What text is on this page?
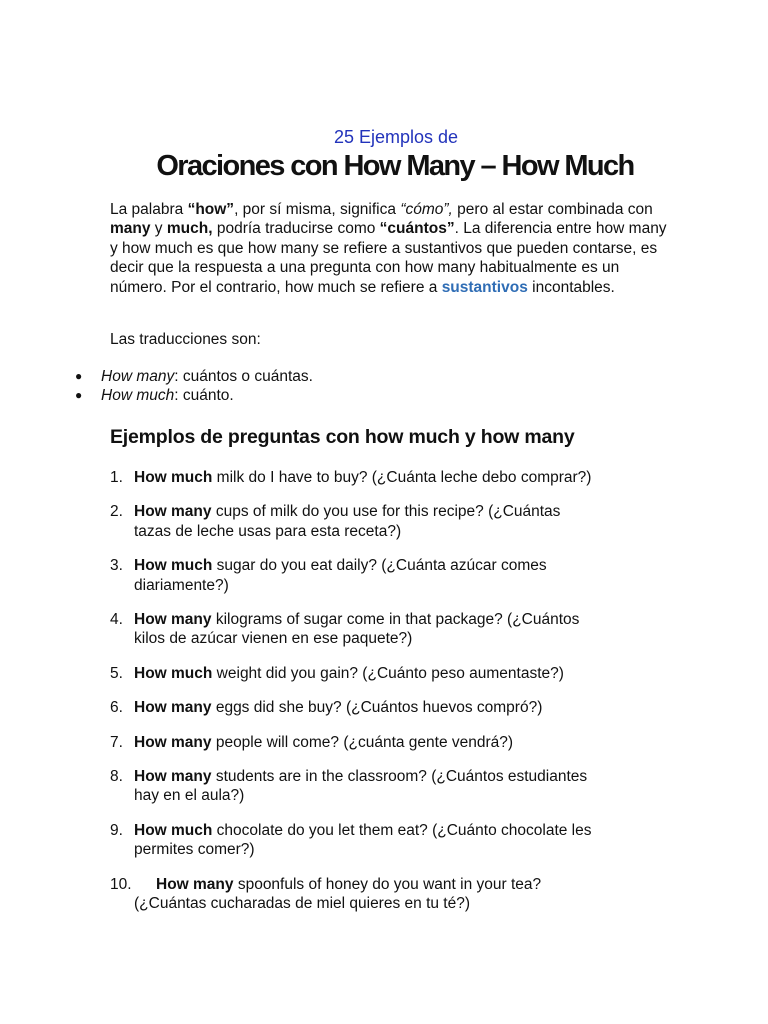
25 Ejemplos de
Oraciones con How Many – How Much
La palabra “how”, por sí misma, significa “cómo”, pero al estar combinada con many y much, podría traducirse como “cuántos”. La diferencia entre how many y how much es que how many se refiere a sustantivos que pueden contarse, es decir que la respuesta a una pregunta con how many habitualmente es un número. Por el contrario, how much se refiere a sustantivos incontables.
Las traducciones son:
● How many: cuántos o cuántas.
● How much: cuánto.
Ejemplos de preguntas con how much y how many
1. How much milk do I have to buy? (¿Cuánta leche debo comprar?)
2. How many cups of milk do you use for this recipe? (¿Cuántas
tazas de leche usas para esta receta?)
3. How much sugar do you eat daily? (¿Cuánta azúcar comes
diariamente?)
4. How many kilograms of sugar come in that package? (¿Cuántos
kilos de azúcar vienen en ese paquete?)
5. How much weight did you gain? (¿Cuánto peso aumentaste?)
6. How many eggs did she buy? (¿Cuántos huevos compró?)
7. How many people will come? (¿cuánta gente vendrá?)
8. How many students are in the classroom? (¿Cuántos estudiantes
hay en el aula?)
9. How much chocolate do you let them eat? (¿Cuánto chocolate les
permites comer?)
10. How many spoonfuls of honey do you want in your tea?
(¿Cuántas cucharadas de miel quieres en tu té?)
